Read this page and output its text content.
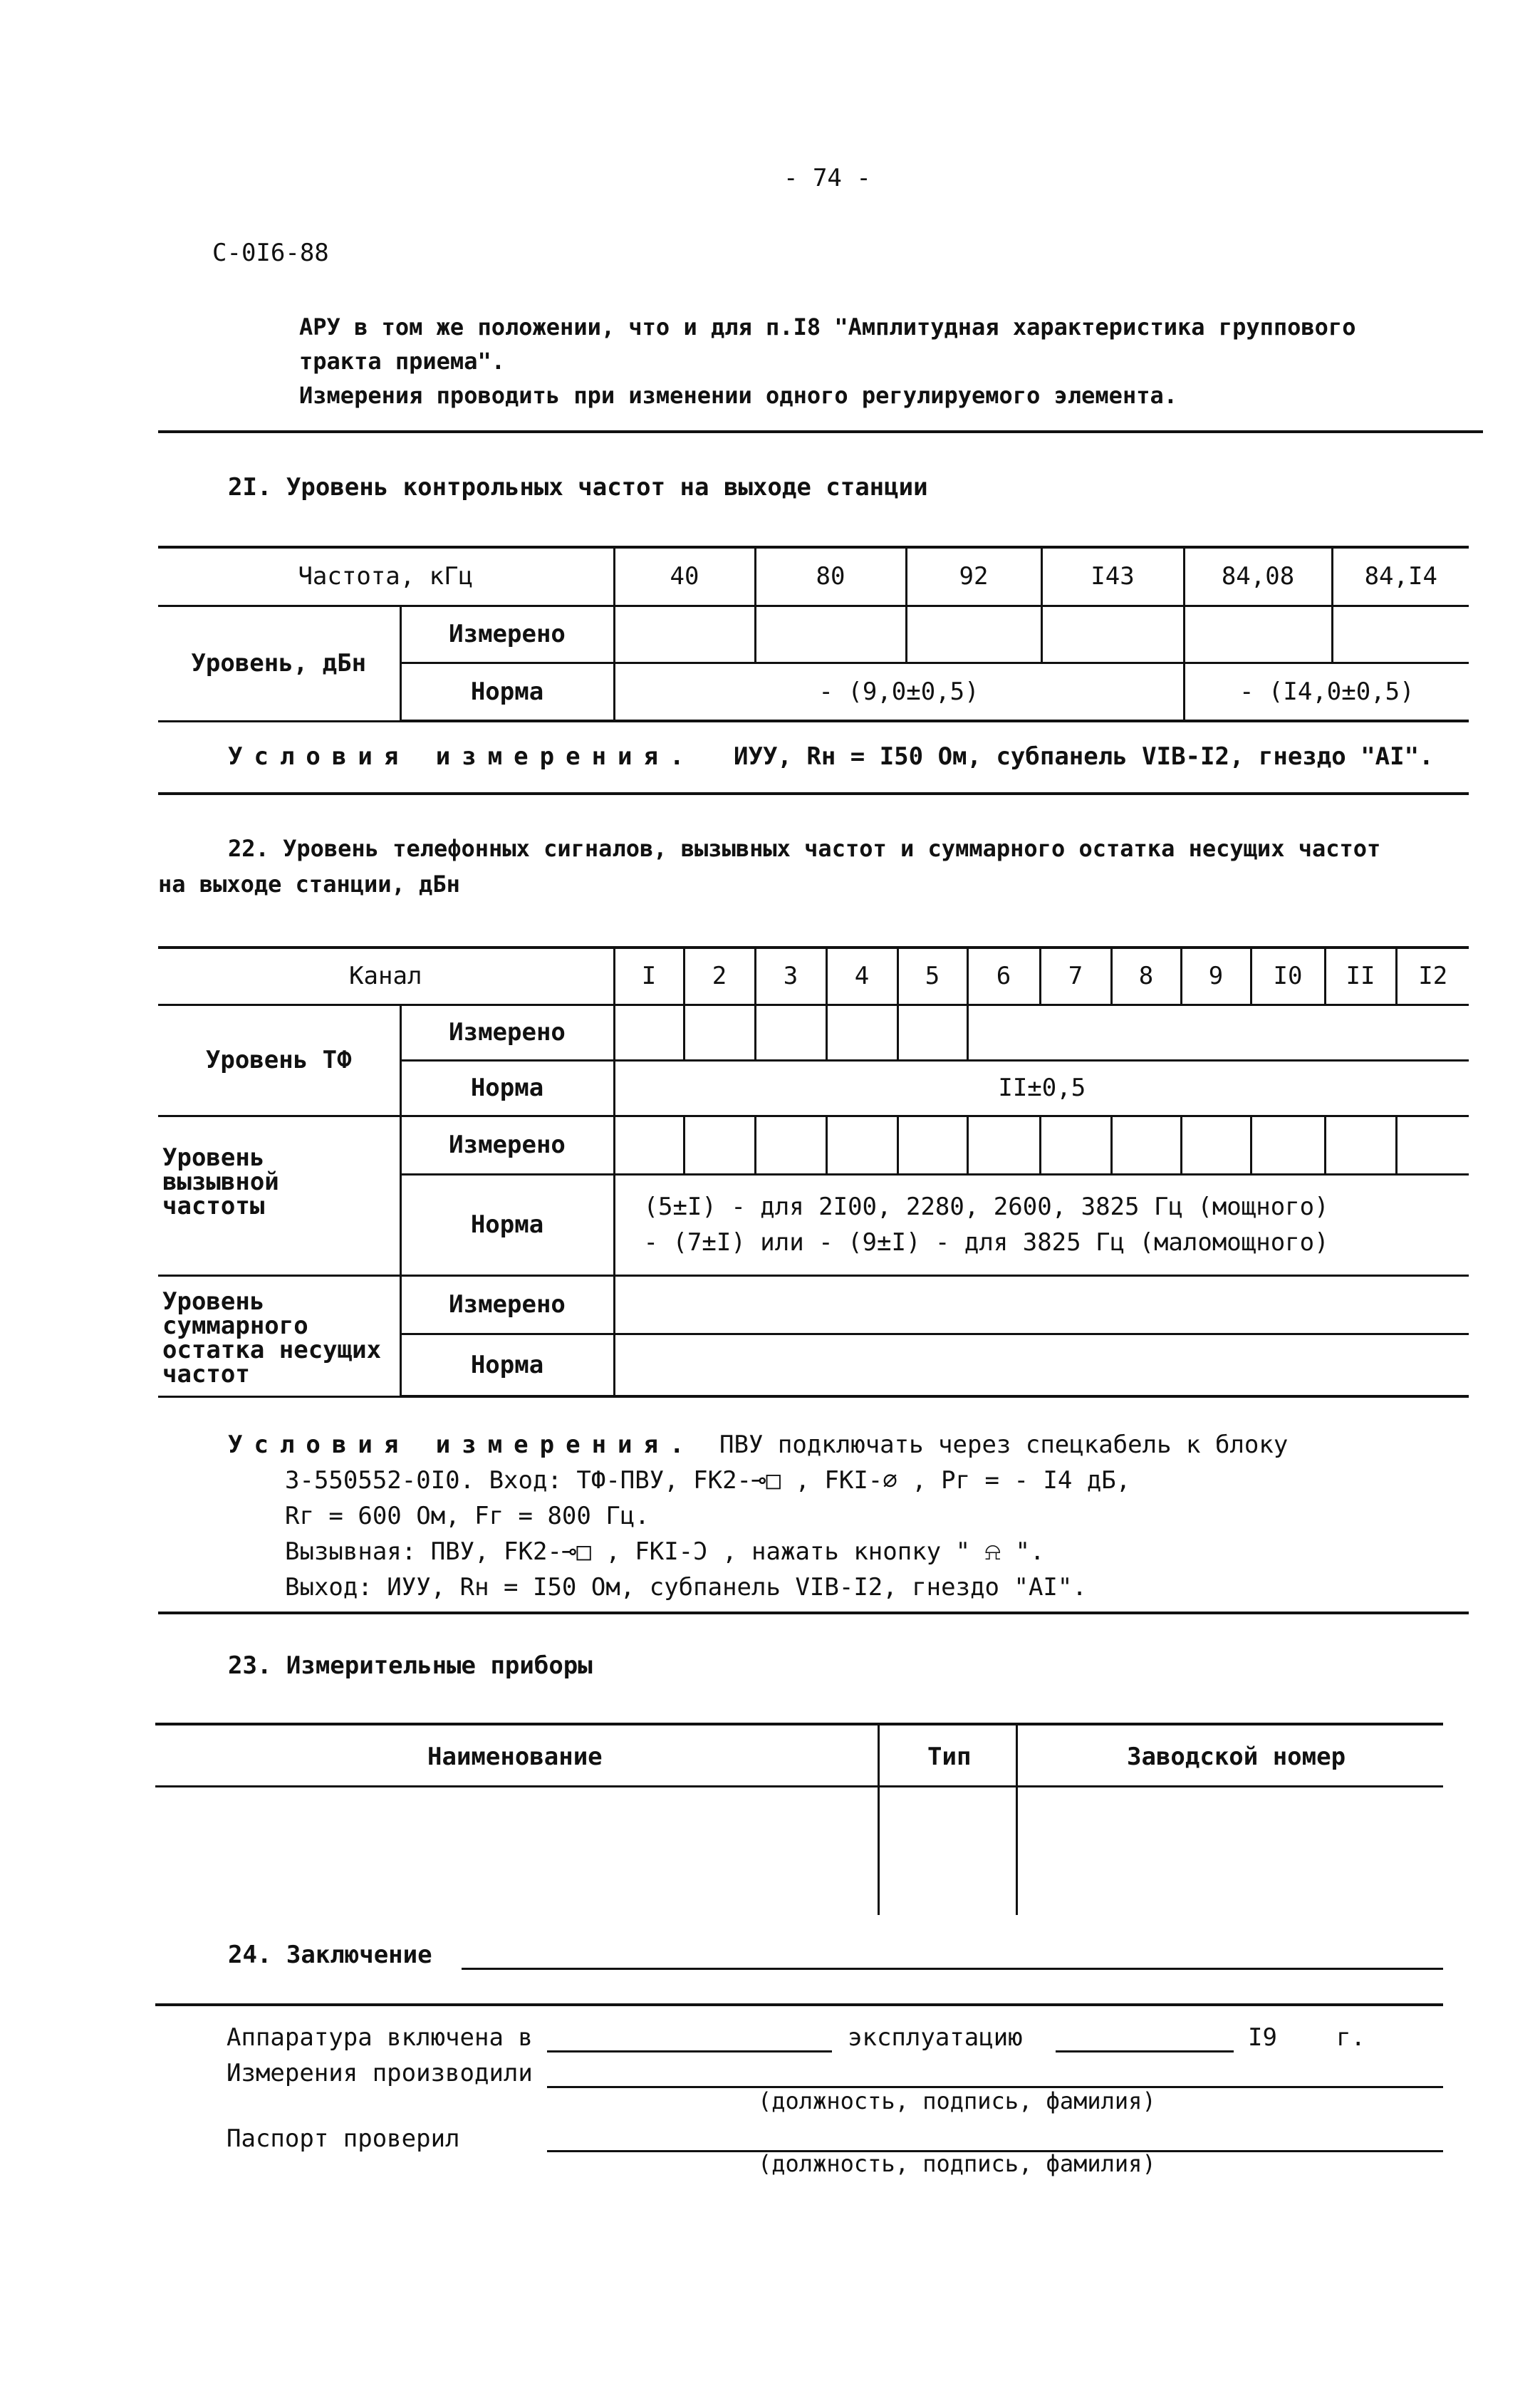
- 74 -
С-0I6-88
АРУ в том же положении, что и для п.I8 "Амплитудная характеристика группового
тракта приема".
Измерения проводить при изменении одного регулируемого элемента.
2I. Уровень контрольных частот на выходе станции
Частота, кГц		40	80	92	I43	84,08	84,I4
Уровень, дБн	Измерено						
	Норма	- (9,0±0,5)				- (I4,0±0,5)	
Условия измерения. ИУУ, Rн = I50 Ом, субпанель VIB-I2, гнездо "AI".
22. Уровень телефонных сигналов, вызывных частот и суммарного остатка несущих частот
на выходе станции, дБн
Канал		I	2	3	4	5	6	7	8	9	I0	II	I2
Уровень ТФ	Измерено												
	Норма	II±0,5											
Уровень вызывной частоты	Измерено												
	Норма	(5±I) - для 2I00, 2280, 2600, 3825 Гц (мощного)
- (7±I) или - (9±I) - для 3825 Гц (маломощного)											

Уровень суммарного остатка несущих частот	Измерено												
	Норма												
Условия измерения. ПВУ подключать через спецкабель к блоку
3-550552-0I0. Вход: ТФ-ПВУ, FK2-⊸□ , FKI-⌀ , Pг = - I4 дБ,
Rг = 600 Ом, Fг = 800 Гц.
Вызывная: ПВУ, FK2-⊸□ , FKI-Ɔ , нажать кнопку " ⍾ ".
Выход: ИУУ, Rн = I50 Ом, субпанель VIB-I2, гнездо "AI".
23. Измерительные приборы
Наименование	Тип	Заводской номер
24. Заключение
Аппаратура включена в	эксплуатацию	I9 г.
Измерения производили
(должность, подпись, фамилия)
Паспорт проверил
(должность, подпись, фамилия)
